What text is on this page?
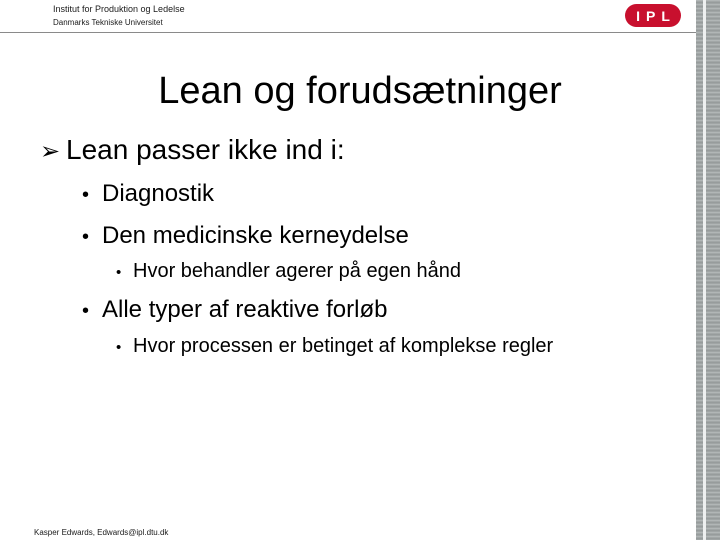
Institut for Produktion og Ledelse
Danmarks Tekniske Universitet	IPL
Lean og forudsætninger
➢ Lean passer ikke ind i:
• Diagnostik
• Den medicinske kerneydelse
• Hvor behandler agerer på egen hånd
• Alle typer af reaktive forløb
• Hvor processen er betinget af komplekse regler
Kasper Edwards, Edwards@ipl.dtu.dk
